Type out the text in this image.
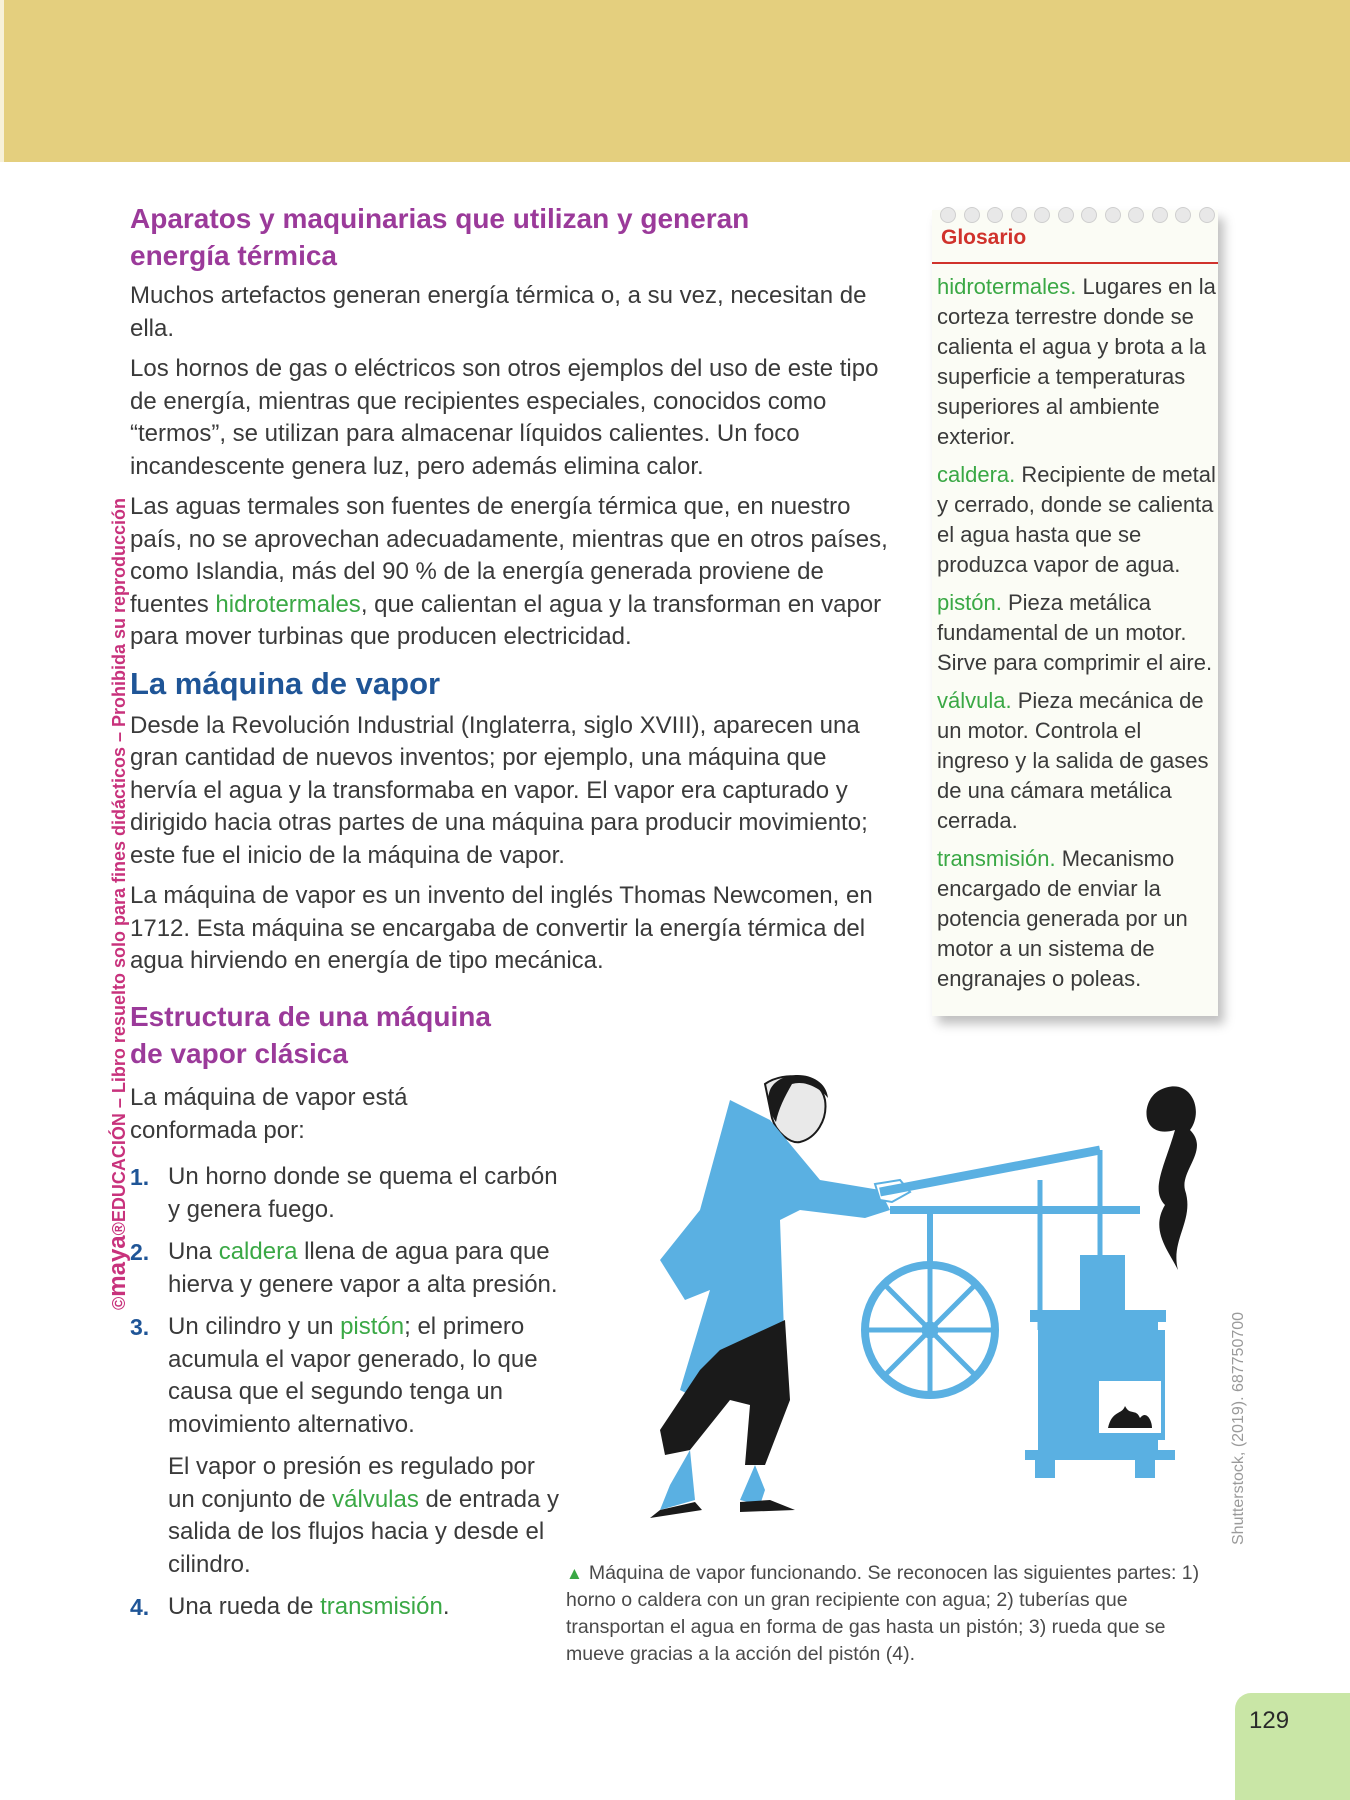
©maya®EDUCACIÓN – Libro resuelto solo para fines didácticos – Prohibida su reproducción
Aparatos y maquinarias que utilizan y generan energía térmica

Muchos artefactos generan energía térmica o, a su vez, necesitan de ella.

Los hornos de gas o eléctricos son otros ejemplos del uso de este tipo de energía, mientras que recipientes especiales, conocidos como “termos”, se utilizan para almacenar líquidos calientes. Un foco incandescente genera luz, pero además elimina calor.

Las aguas termales son fuentes de energía térmica que, en nuestro país, no se aprovechan adecuadamente, mientras que en otros países, como Islandia, más del 90 % de la energía generada proviene de fuentes hidrotermales, que calientan el agua y la transforman en vapor para mover turbinas que producen electricidad.

La máquina de vapor

Desde la Revolución Industrial (Inglaterra, siglo XVIII), aparecen una gran cantidad de nuevos inventos; por ejemplo, una máquina que hervía el agua y la transformaba en vapor. El vapor era capturado y dirigido hacia otras partes de una máquina para producir movimiento; este fue el inicio de la máquina de vapor.

La máquina de vapor es un invento del inglés Thomas Newcomen, en 1712. Esta máquina se encargaba de convertir la energía térmica del agua hirviendo en energía de tipo mecánica.

Glosario

hidrotermales. Lugares en la corteza terrestre donde se calienta el agua y brota a la superficie a temperaturas superiores al ambiente exterior.

caldera. Recipiente de metal y cerrado, donde se calienta el agua hasta que se produzca vapor de agua.

pistón. Pieza metálica fundamental de un motor. Sirve para comprimir el aire.

válvula. Pieza mecánica de un motor. Controla el ingreso y la salida de gases de una cámara metálica cerrada.

transmisión. Mecanismo encargado de enviar la potencia generada por un motor a un sistema de engranajes o poleas.

Estructura de una máquina
de vapor clásica

La máquina de vapor está conformada por:

1. Un horno donde se quema el carbón y genera fuego.

2. Una caldera llena de agua para que hierva y genere vapor a alta presión.

3. Un cilindro y un pistón; el primero acumula el vapor generado, lo que causa que el segundo tenga un movimiento alternativo.

El vapor o presión es regulado por un conjunto de válvulas de entrada y salida de los flujos hacia y desde el cilindro.

4. Una rueda de transmisión.

Shutterstock, (2019). 687750700
▲ Máquina de vapor funcionando. Se reconocen las siguientes partes: 1) horno o caldera con un gran recipiente con agua; 2) tuberías que transportan el agua en forma de gas hasta un pistón; 3) rueda que se mueve gracias a la acción del pistón (4).
129
